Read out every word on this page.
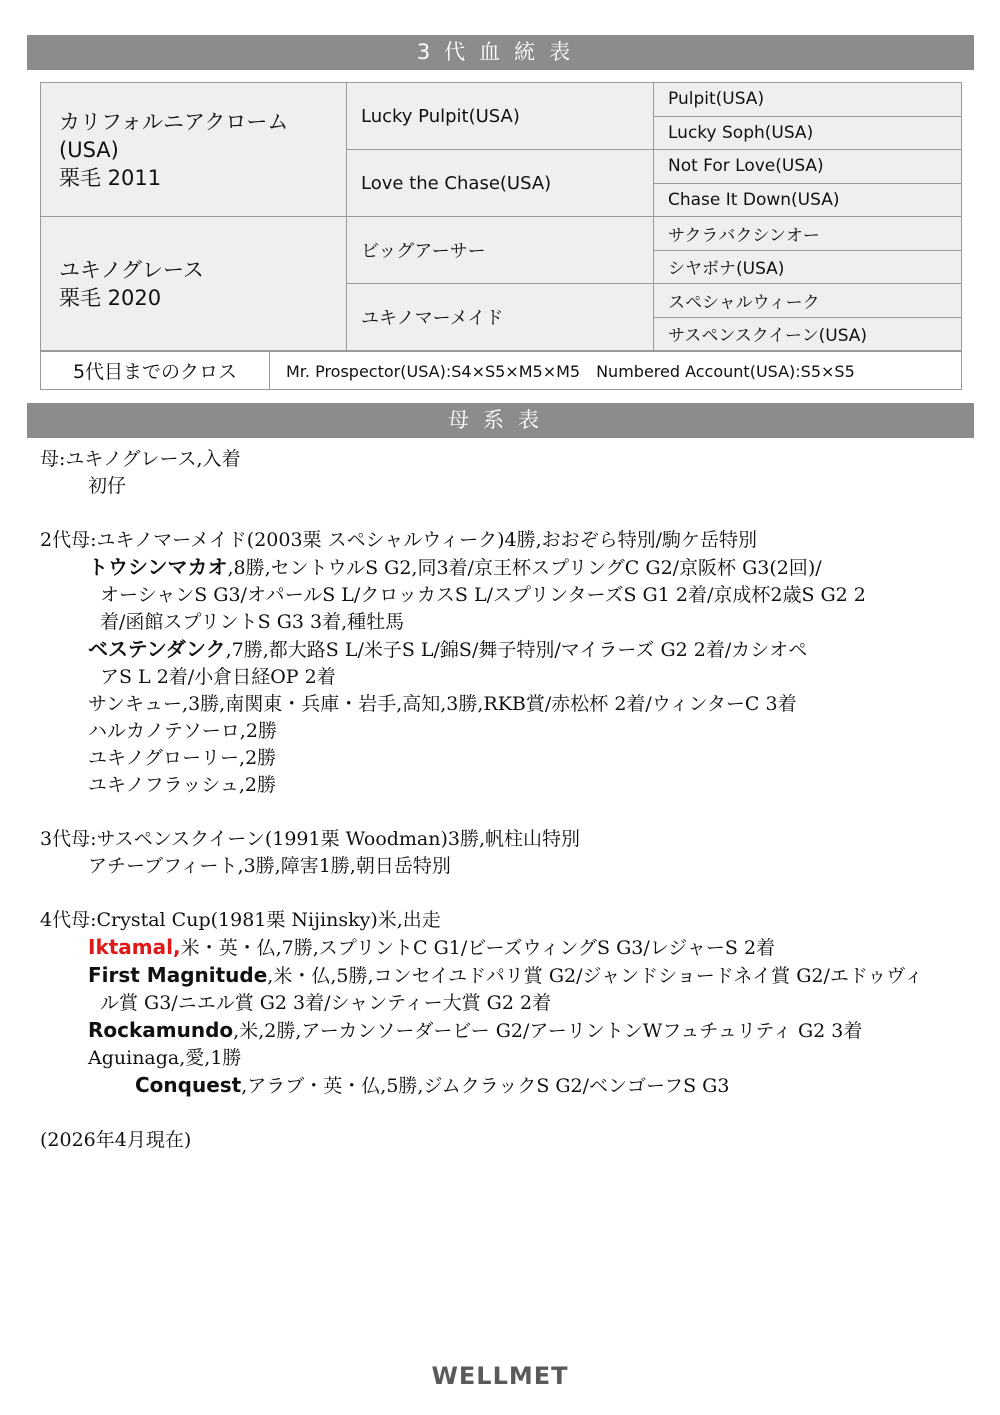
3代血統表
カリフォルニアクローム
(USA)
栗毛 2011	Lucky Pulpit(USA)	Pulpit(USA)
		Lucky Soph(USA)
	Love the Chase(USA)	Not For Love(USA)
		Chase It Down(USA)

ユキノグレース
栗毛 2020	ビッグアーサー	サクラバクシンオー
		シヤボナ(USA)
	ユキノマーメイド	スペシャルウィーク
		サスペンスクイーン(USA)
5代目までのクロス	Mr. Prospector(USA):S4×S5×M5×M5　Numbered Account(USA):S5×S5
母系表
母:ユキノグレース,入着
初仔
2代母:ユキノマーメイド(2003栗 スペシャルウィーク)4勝,おおぞら特別/駒ケ岳特別
トウシンマカオ,8勝,セントウルS G2,同3着/京王杯スプリングC G2/京阪杯 G3(2回)/
オーシャンS G3/オパールS L/クロッカスS L/スプリンターズS G1 2着/京成杯2歳S G2 2
着/函館スプリントS G3 3着,種牡馬
ベステンダンク,7勝,都大路S L/米子S L/錦S/舞子特別/マイラーズ G2 2着/カシオペ
アS L 2着/小倉日経OP 2着
サンキュー,3勝,南関東・兵庫・岩手,高知,3勝,RKB賞/赤松杯 2着/ウィンターC 3着
ハルカノテソーロ,2勝
ユキノグローリー,2勝
ユキノフラッシュ,2勝
3代母:サスペンスクイーン(1991栗 Woodman)3勝,帆柱山特別
アチーブフィート,3勝,障害1勝,朝日岳特別
4代母:Crystal Cup(1981栗 Nijinsky)米,出走
Iktamal,米・英・仏,7勝,スプリントC G1/ビーズウィングS G3/レジャーS 2着
First Magnitude,米・仏,5勝,コンセイユドパリ賞 G2/ジャンドショードネイ賞 G2/エドゥヴィ
ル賞 G3/ニエル賞 G2 3着/シャンティー大賞 G2 2着
Rockamundo,米,2勝,アーカンソーダービー G2/アーリントンWフュチュリティ G2 3着
Aguinaga,愛,1勝
Conquest,アラブ・英・仏,5勝,ジムクラックS G2/ベンゴーフS G3
(2026年4月現在)
WELLMET
